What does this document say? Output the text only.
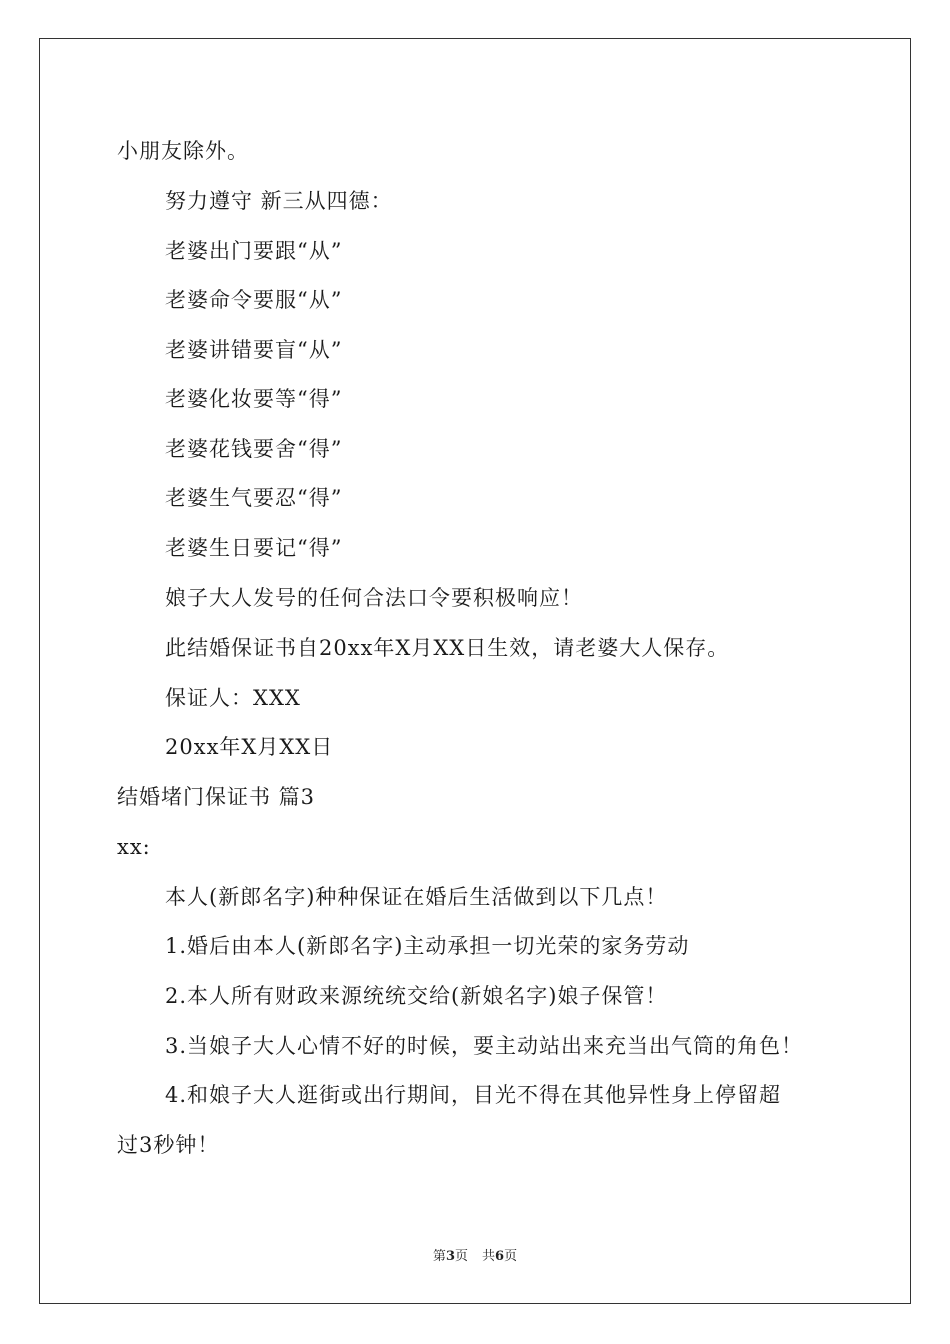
小朋友除外。
努力遵守 新三从四德：
老婆出门要跟“从”
老婆命令要服“从”
老婆讲错要盲“从”
老婆化妆要等“得”
老婆花钱要舍“得”
老婆生气要忍“得”
老婆生日要记“得”
娘子大人发号的任何合法口令要积极响应！
此结婚保证书自20xx年X月XX日生效，请老婆大人保存。
保证人：XXX
20xx年X月XX日
结婚堵门保证书 篇3
xx:
本人(新郎名字)种种保证在婚后生活做到以下几点！
1.婚后由本人(新郎名字)主动承担一切光荣的家务劳动
2.本人所有财政来源统统交给(新娘名字)娘子保管！
3.当娘子大人心情不好的时候，要主动站出来充当出气筒的角色！
4.和娘子大人逛街或出行期间，目光不得在其他异性身上停留超
过3秒钟！
第3页 共6页
